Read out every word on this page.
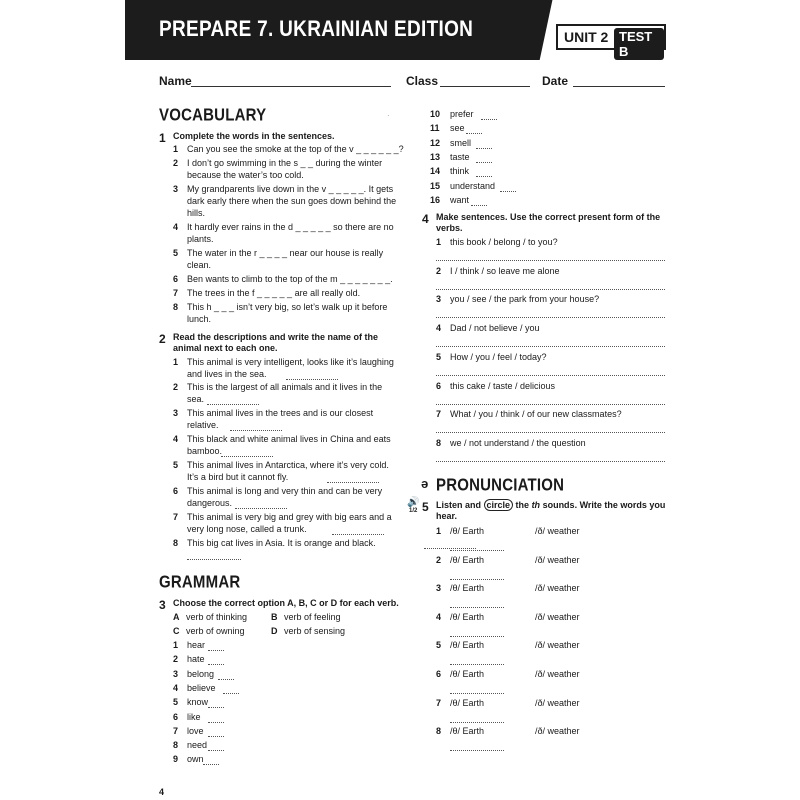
PREPARE 7. UKRAINIAN EDITION	UNIT 2 TEST B
Name	Class	Date
VOCABULARY	·
4
1 Complete the words in the sentences.
1 Can you see the smoke at the top of the v _ _ _ _ _ _?
2 I don’t go swimming in the s _ _ during the winter
because the water’s too cold.
3 My grandparents live down in the v _ _ _ _ _. It gets
dark early there when the sun goes down behind the
hills.
4 It hardly ever rains in the d _ _ _ _ _ so there are no
plants.
5 The water in the r _ _ _ _ near our house is really
clean.
6 Ben wants to climb to the top of the m _ _ _ _ _ _ _.
7 The trees in the f _ _ _ _ _ are all really old.
8 This h _ _ _ isn’t very big, so let’s walk up it before
lunch.
2 Read the descriptions and write the name of the
animal next to each one.
1 This animal is very intelligent, looks like it’s laughing
and lives in the sea.
2 This is the largest of all animals and it lives in the
sea.
3 This animal lives in the trees and is our closest
relative.
4 This black and white animal lives in China and eats
bamboo.
5 This animal lives in Antarctica, where it’s very cold.
It’s a bird but it cannot fly.
6 This animal is long and very thin and can be very
dangerous.
7 This animal is very big and grey with big ears and a
very long nose, called a trunk.
8 This big cat lives in Asia. It is orange and black.
GRAMMAR
3 Choose the correct option A, B, C or D for each verb.
A verb of thinking	B verb of feeling
C verb of owning	D verb of sensing
1 hear
2 hate
3 belong
4 believe
5 know
6 like
7 love
8 need
9 own
10 prefer
11 see
12 smell
13 taste
14 think
15 understand
16 want
4 Make sentences. Use the correct present form of the
verbs.
1 this book / belong / to you?
2 I / think / so leave me alone
3 you / see / the park from your house?
4 Dad / not believe / you
5 How / you / feel / today?
6 this cake / taste / delicious
7 What / you / think / of our new classmates?
8 we / not understand / the question
ə PRONUNCIATION
🔊
1/2 5 Listen and circle the th sounds. Write the words you
hear.
1 /θ/ Earth	/ð/ weather
2 /θ/ Earth	/ð/ weather
3 /θ/ Earth	/ð/ weather
4 /θ/ Earth	/ð/ weather
5 /θ/ Earth	/ð/ weather
6 /θ/ Earth	/ð/ weather
7 /θ/ Earth	/ð/ weather
8 /θ/ Earth	/ð/ weather
